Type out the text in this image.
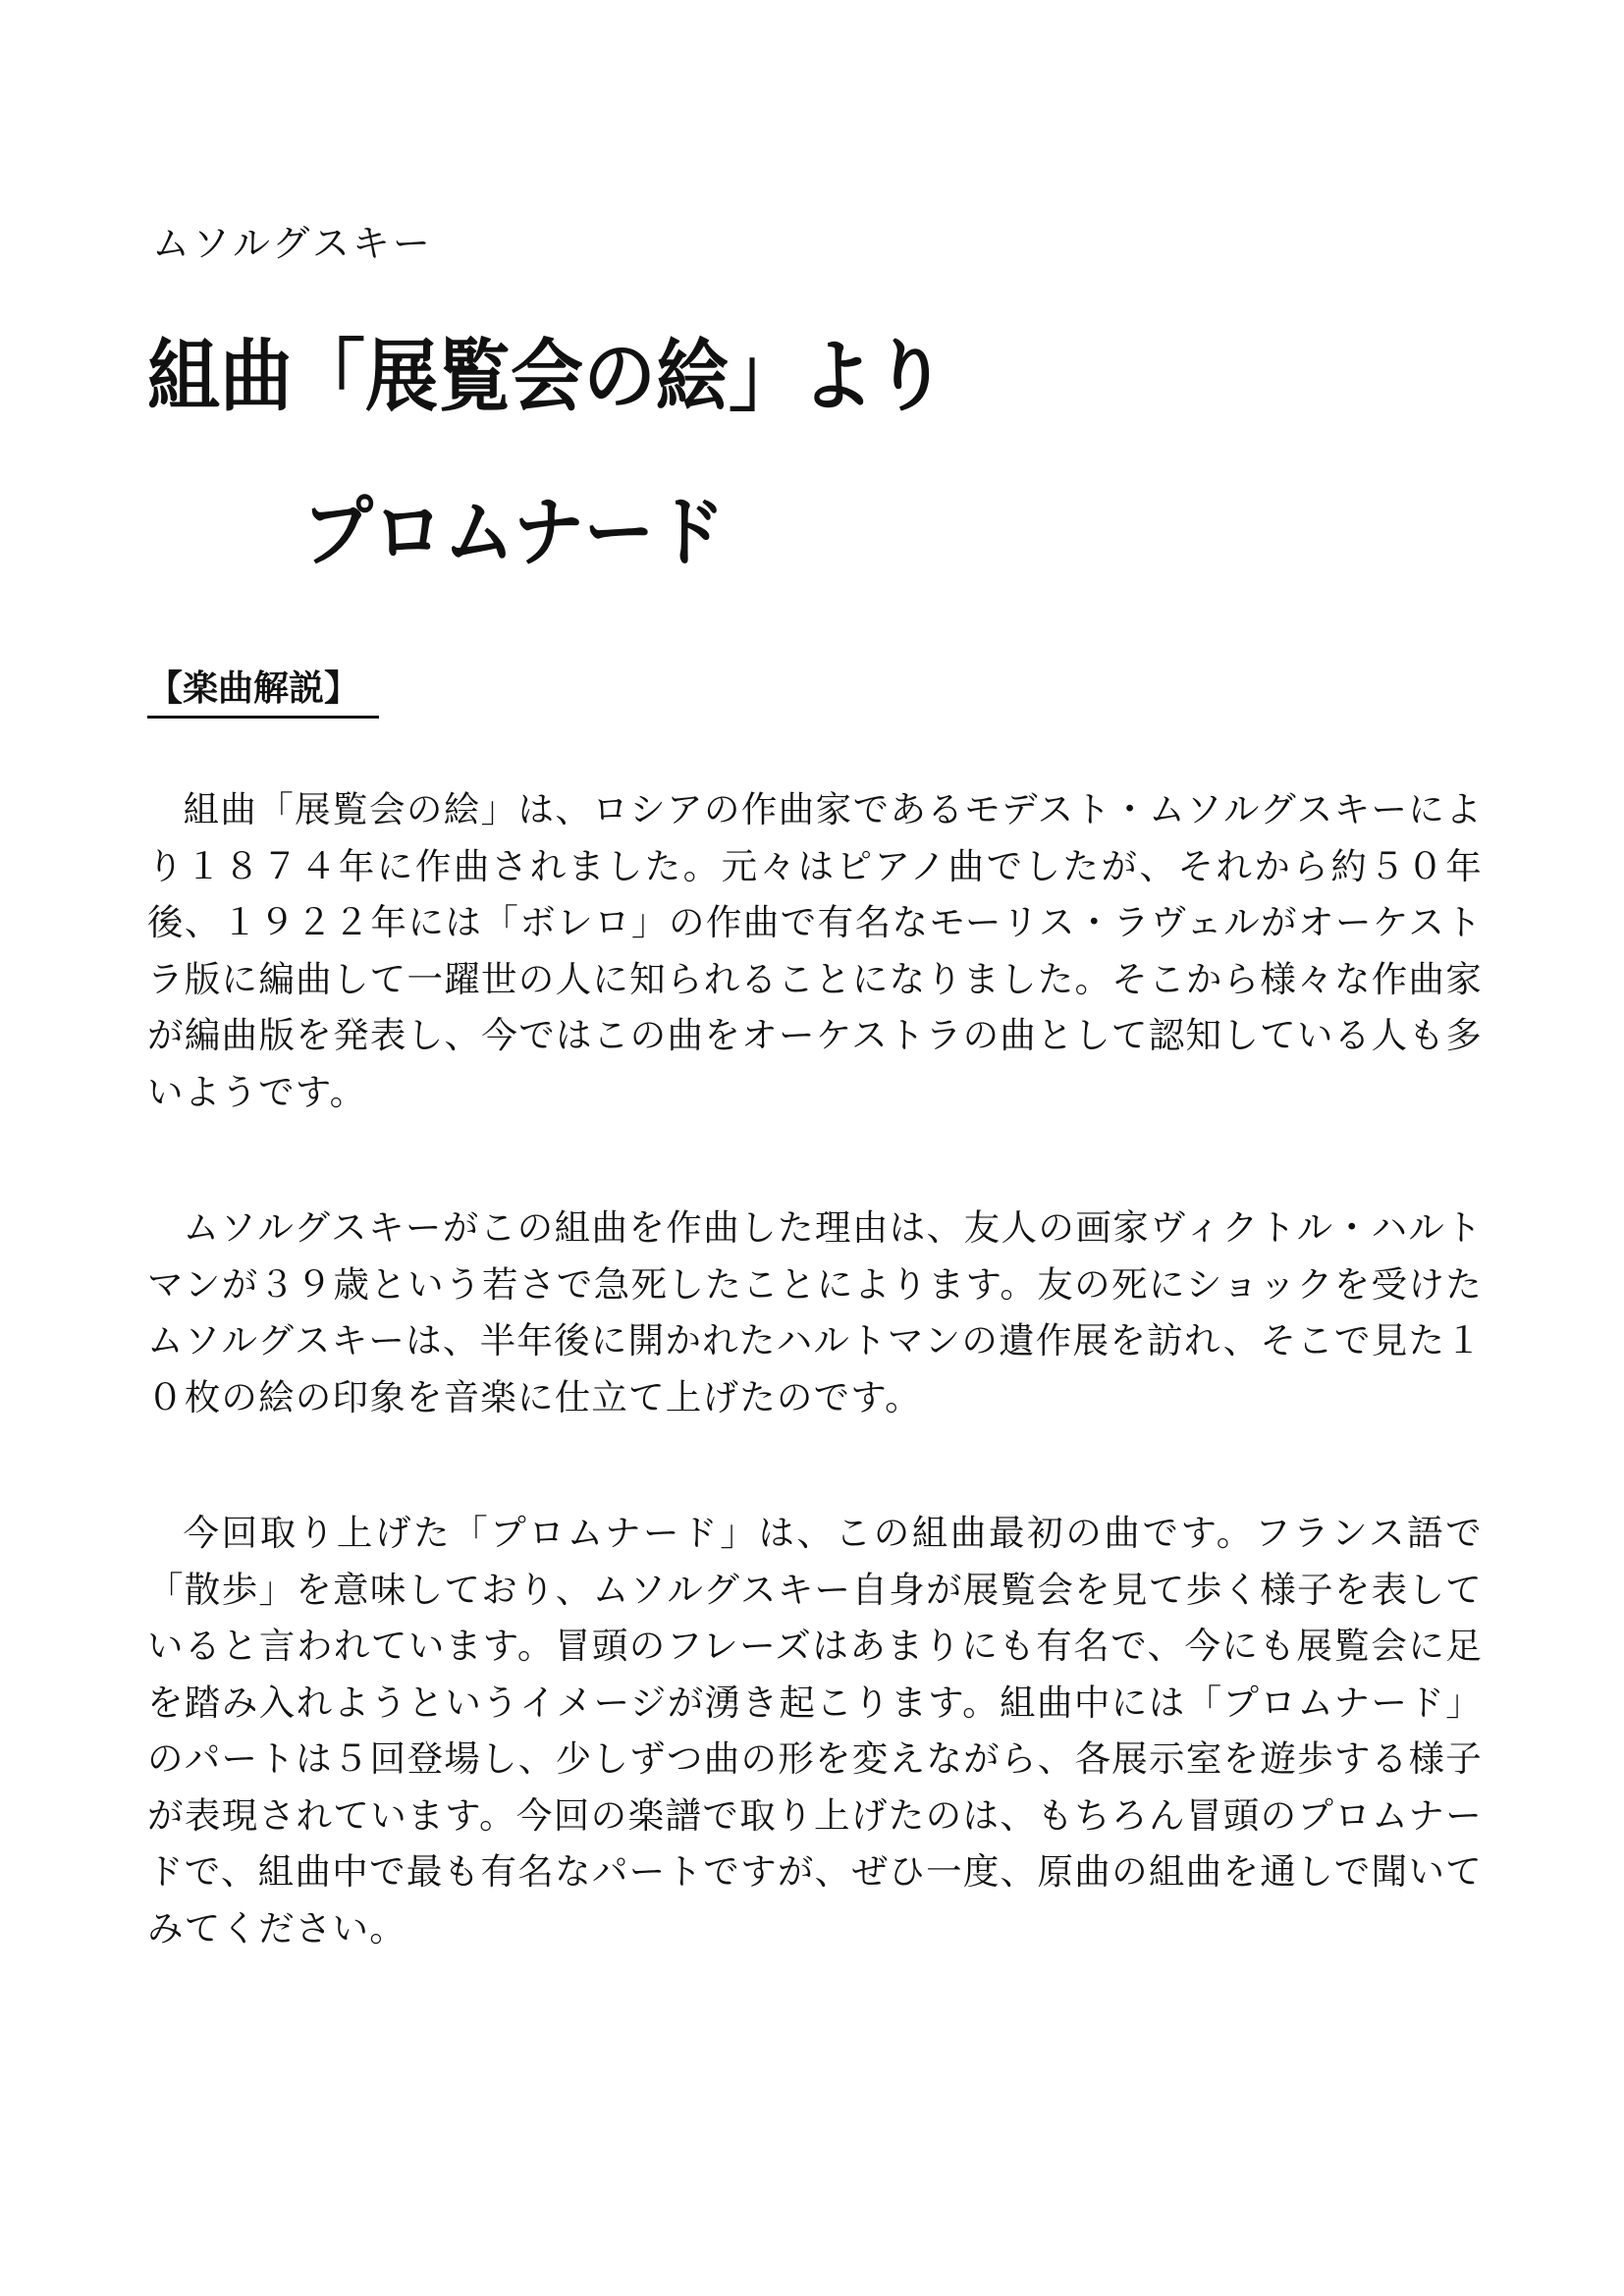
ムソルグスキー
組曲「展覧会の絵」より
プロムナード
【楽曲解説】

組曲「展覧会の絵」は、ロシアの作曲家であるモデスト・ムソルグスキーにより１８７４年に作曲されました。元々はピアノ曲でしたが、それから約５０年後、１９２２年には「ボレロ」の作曲で有名なモーリス・ラヴェルがオーケストラ版に編曲して一躍世の人に知られることになりました。そこから様々な作曲家が編曲版を発表し、今ではこの曲をオーケストラの曲として認知している人も多いようです。

ムソルグスキーがこの組曲を作曲した理由は、友人の画家ヴィクトル・ハルトマンが３９歳という若さで急死したことによります。友の死にショックを受けたムソルグスキーは、半年後に開かれたハルトマンの遺作展を訪れ、そこで見た１０枚の絵の印象を音楽に仕立て上げたのです。

今回取り上げた「プロムナード」は、この組曲最初の曲です。フランス語で「散歩」を意味しており、ムソルグスキー自身が展覧会を見て歩く様子を表していると言われています。冒頭のフレーズはあまりにも有名で、今にも展覧会に足を踏み入れようというイメージが湧き起こります。組曲中には「プロムナード」のパートは５回登場し、少しずつ曲の形を変えながら、各展示室を遊歩する様子が表現されています。今回の楽譜で取り上げたのは、もちろん冒頭のプロムナードで、組曲中で最も有名なパートですが、ぜひ一度、原曲の組曲を通しで聞いてみてください。
